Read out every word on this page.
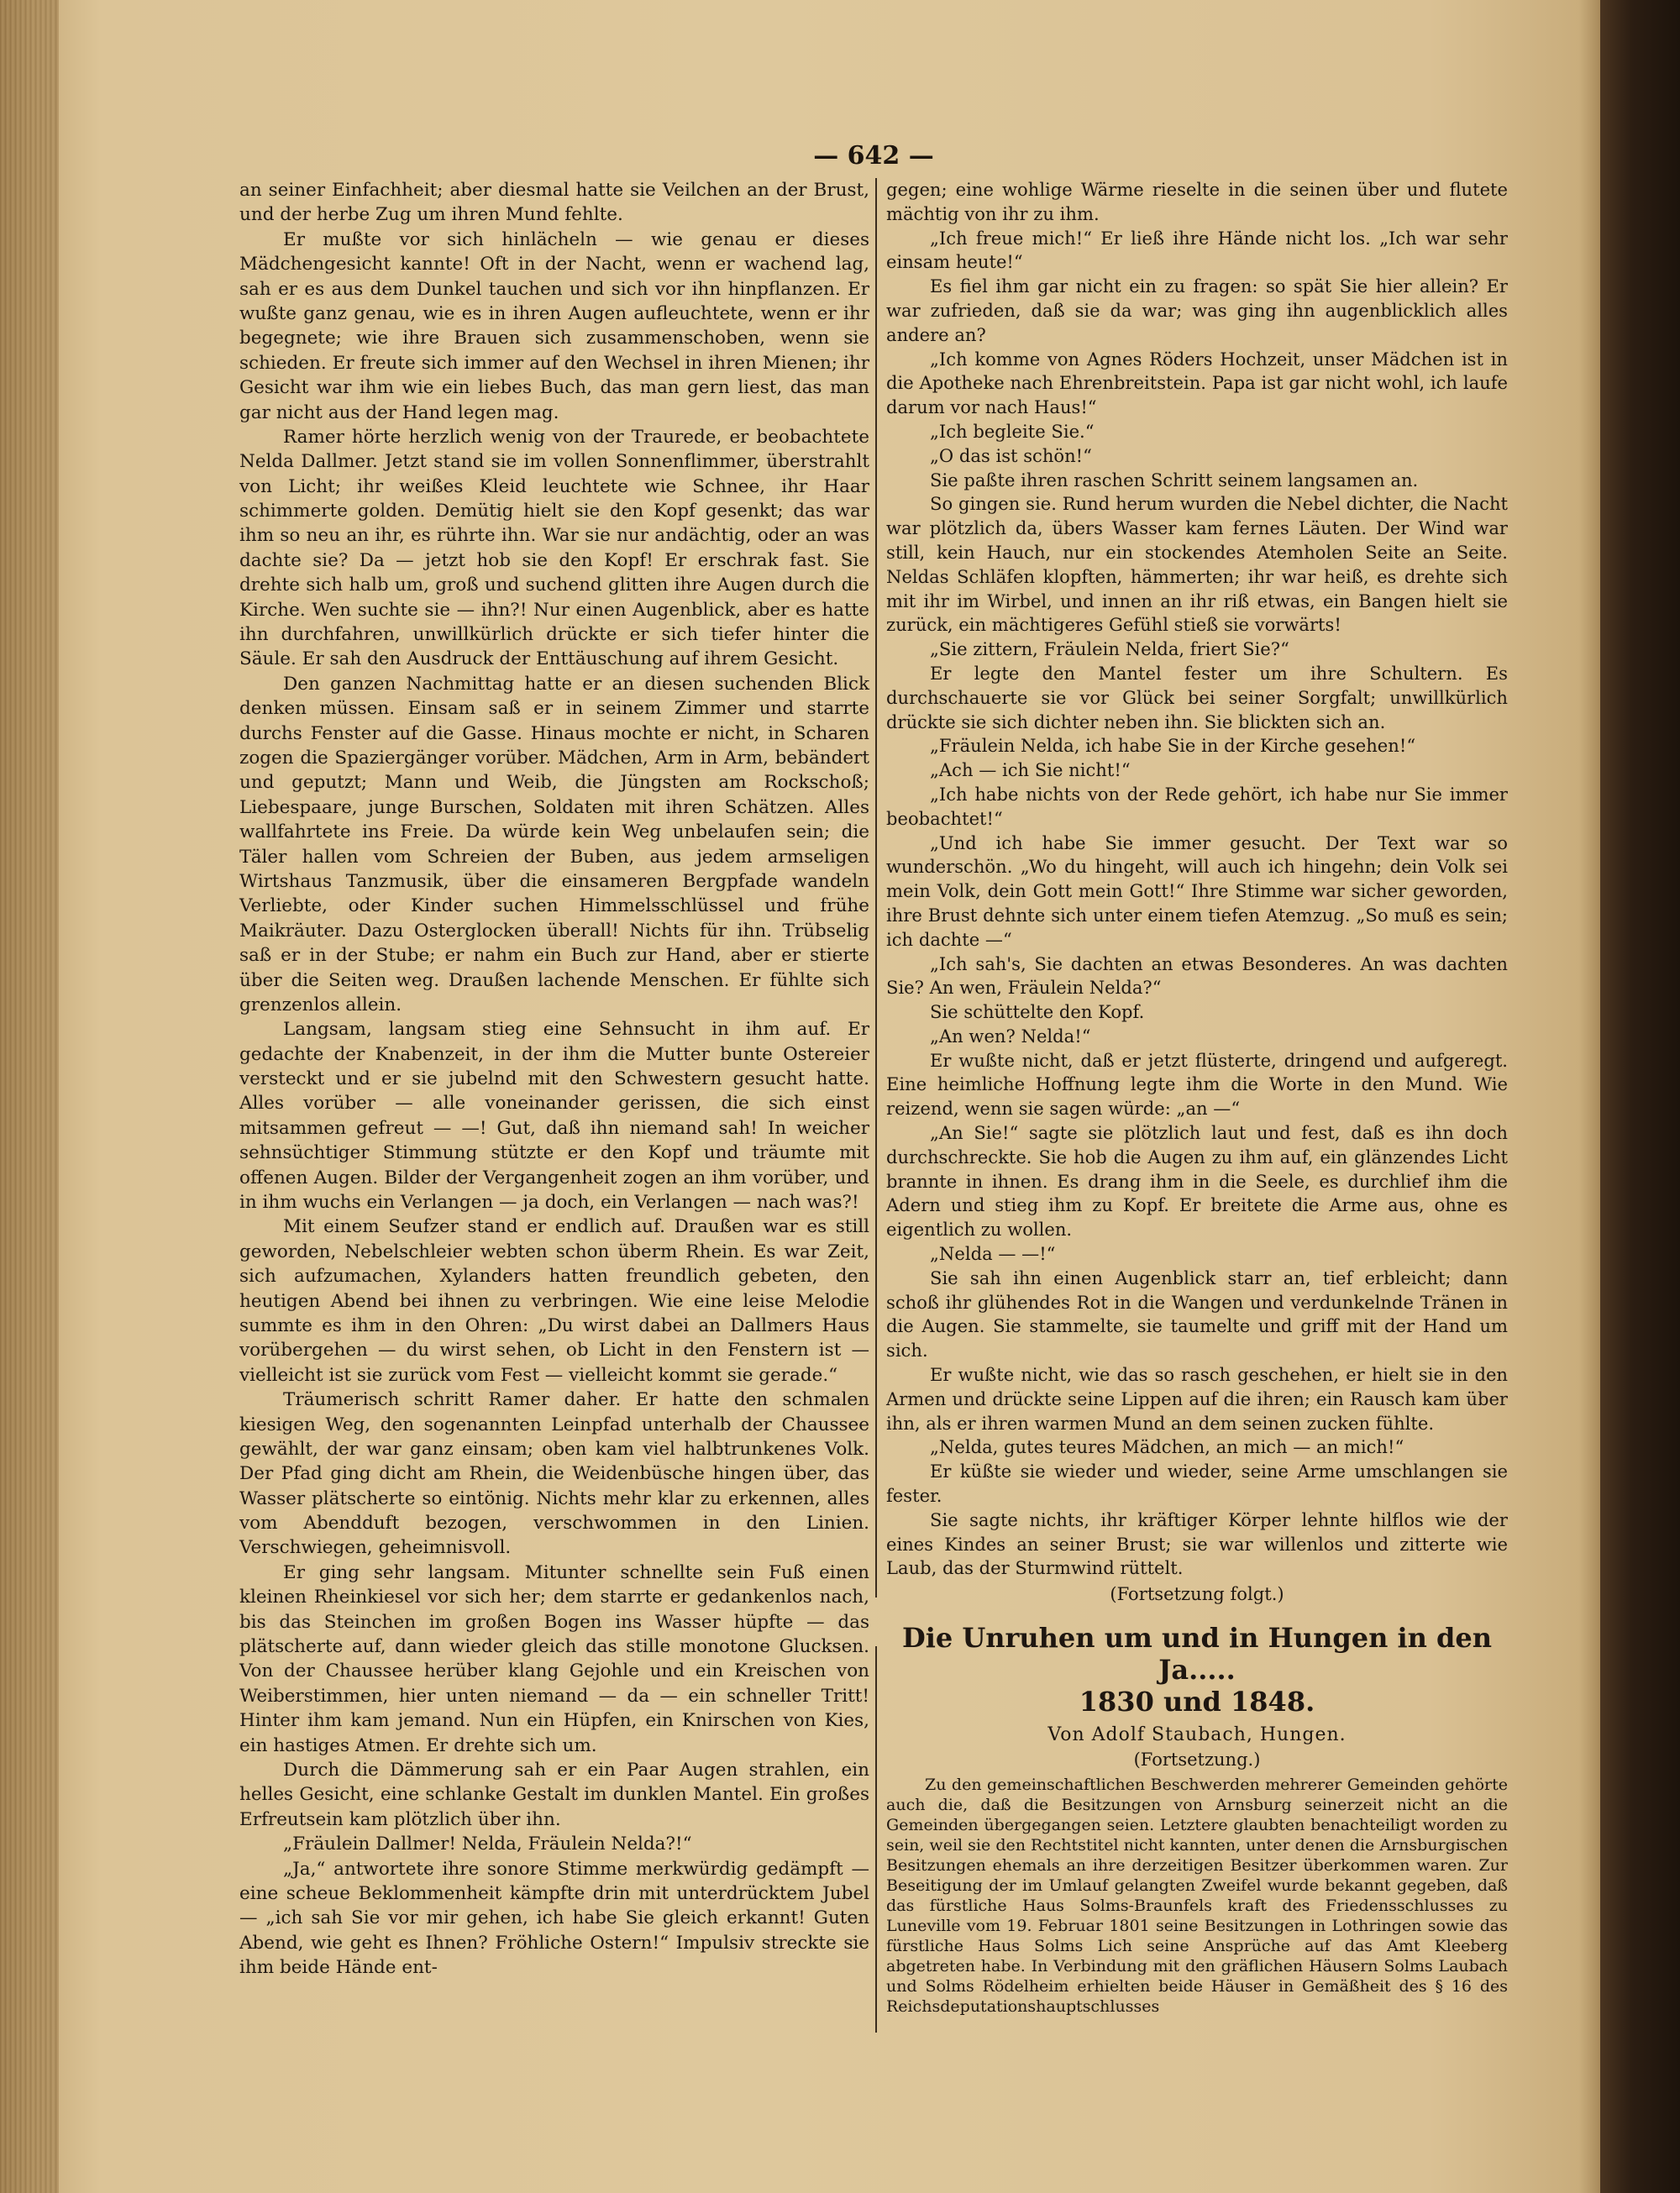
— 642 —

an seiner Einfachheit; aber diesmal hatte sie Veilchen an der Brust, und der herbe Zug um ihren Mund fehlte.

Er mußte vor sich hinlächeln — wie genau er dieses Mädchengesicht kannte! Oft in der Nacht, wenn er wachend lag, sah er es aus dem Dunkel tauchen und sich vor ihn hinpflanzen. Er wußte ganz genau, wie es in ihren Augen aufleuchtete, wenn er ihr begegnete; wie ihre Brauen sich zusammenschoben, wenn sie schieden. Er freute sich immer auf den Wechsel in ihren Mienen; ihr Gesicht war ihm wie ein liebes Buch, das man gern liest, das man gar nicht aus der Hand legen mag.

Ramer hörte herzlich wenig von der Traurede, er beobachtete Nelda Dallmer. Jetzt stand sie im vollen Sonnenflimmer, überstrahlt von Licht; ihr weißes Kleid leuchtete wie Schnee, ihr Haar schimmerte golden. Demütig hielt sie den Kopf gesenkt; das war ihm so neu an ihr, es rührte ihn. War sie nur andächtig, oder an was dachte sie? Da — jetzt hob sie den Kopf! Er erschrak fast. Sie drehte sich halb um, groß und suchend glitten ihre Augen durch die Kirche. Wen suchte sie — ihn?! Nur einen Augenblick, aber es hatte ihn durchfahren, unwillkürlich drückte er sich tiefer hinter die Säule. Er sah den Ausdruck der Enttäuschung auf ihrem Gesicht.

Den ganzen Nachmittag hatte er an diesen suchenden Blick denken müssen. Einsam saß er in seinem Zimmer und starrte durchs Fenster auf die Gasse. Hinaus mochte er nicht, in Scharen zogen die Spaziergänger vorüber. Mädchen, Arm in Arm, bebändert und geputzt; Mann und Weib, die Jüngsten am Rockschoß; Liebespaare, junge Burschen, Soldaten mit ihren Schätzen. Alles wallfahrtete ins Freie. Da würde kein Weg unbelaufen sein; die Täler hallen vom Schreien der Buben, aus jedem armseligen Wirtshaus Tanzmusik, über die einsameren Bergpfade wandeln Verliebte, oder Kinder suchen Himmelsschlüssel und frühe Maikräuter. Dazu Osterglocken überall! Nichts für ihn. Trübselig saß er in der Stube; er nahm ein Buch zur Hand, aber er stierte über die Seiten weg. Draußen lachende Menschen. Er fühlte sich grenzenlos allein.

Langsam, langsam stieg eine Sehnsucht in ihm auf. Er gedachte der Knabenzeit, in der ihm die Mutter bunte Ostereier versteckt und er sie jubelnd mit den Schwestern gesucht hatte. Alles vorüber — alle voneinander gerissen, die sich einst mitsammen gefreut — —! Gut, daß ihn niemand sah! In weicher sehnsüchtiger Stimmung stützte er den Kopf und träumte mit offenen Augen. Bilder der Vergangenheit zogen an ihm vorüber, und in ihm wuchs ein Verlangen — ja doch, ein Verlangen — nach was?!

Mit einem Seufzer stand er endlich auf. Draußen war es still geworden, Nebelschleier webten schon überm Rhein. Es war Zeit, sich aufzumachen, Xylanders hatten freundlich gebeten, den heutigen Abend bei ihnen zu verbringen. Wie eine leise Melodie summte es ihm in den Ohren: „Du wirst dabei an Dallmers Haus vorübergehen — du wirst sehen, ob Licht in den Fenstern ist — vielleicht ist sie zurück vom Fest — vielleicht kommt sie gerade.“

Träumerisch schritt Ramer daher. Er hatte den schmalen kiesigen Weg, den sogenannten Leinpfad unterhalb der Chaussee gewählt, der war ganz einsam; oben kam viel halbtrunkenes Volk. Der Pfad ging dicht am Rhein, die Weidenbüsche hingen über, das Wasser plätscherte so eintönig. Nichts mehr klar zu erkennen, alles vom Abendduft bezogen, verschwommen in den Linien. Verschwiegen, geheimnisvoll.

Er ging sehr langsam. Mitunter schnellte sein Fuß einen kleinen Rheinkiesel vor sich her; dem starrte er gedankenlos nach, bis das Steinchen im großen Bogen ins Wasser hüpfte — das plätscherte auf, dann wieder gleich das stille monotone Glucksen. Von der Chaussee herüber klang Gejohle und ein Kreischen von Weiberstimmen, hier unten niemand — da — ein schneller Tritt! Hinter ihm kam jemand. Nun ein Hüpfen, ein Knirschen von Kies, ein hastiges Atmen. Er drehte sich um.

Durch die Dämmerung sah er ein Paar Augen strahlen, ein helles Gesicht, eine schlanke Gestalt im dunklen Mantel. Ein großes Erfreutsein kam plötzlich über ihn.

„Fräulein Dallmer! Nelda, Fräulein Nelda?!“

„Ja,“ antwortete ihre sonore Stimme merkwürdig gedämpft — eine scheue Beklommenheit kämpfte drin mit unterdrücktem Jubel — „ich sah Sie vor mir gehen, ich habe Sie gleich erkannt! Guten Abend, wie geht es Ihnen? Fröhliche Ostern!“ Impulsiv streckte sie ihm beide Hände ent-

gegen; eine wohlige Wärme rieselte in die seinen über und flutete mächtig von ihr zu ihm.

„Ich freue mich!“ Er ließ ihre Hände nicht los. „Ich war sehr einsam heute!“

Es fiel ihm gar nicht ein zu fragen: so spät Sie hier allein? Er war zufrieden, daß sie da war; was ging ihn augenblicklich alles andere an?

„Ich komme von Agnes Röders Hochzeit, unser Mädchen ist in die Apotheke nach Ehrenbreitstein. Papa ist gar nicht wohl, ich laufe darum vor nach Haus!“

„Ich begleite Sie.“

„O das ist schön!“

Sie paßte ihren raschen Schritt seinem langsamen an.

So gingen sie. Rund herum wurden die Nebel dichter, die Nacht war plötzlich da, übers Wasser kam fernes Läuten. Der Wind war still, kein Hauch, nur ein stockendes Atemholen Seite an Seite. Neldas Schläfen klopften, hämmerten; ihr war heiß, es drehte sich mit ihr im Wirbel, und innen an ihr riß etwas, ein Bangen hielt sie zurück, ein mächtigeres Gefühl stieß sie vorwärts!

„Sie zittern, Fräulein Nelda, friert Sie?“

Er legte den Mantel fester um ihre Schultern. Es durchschauerte sie vor Glück bei seiner Sorgfalt; unwillkürlich drückte sie sich dichter neben ihn. Sie blickten sich an.

„Fräulein Nelda, ich habe Sie in der Kirche gesehen!“

„Ach — ich Sie nicht!“

„Ich habe nichts von der Rede gehört, ich habe nur Sie immer beobachtet!“

„Und ich habe Sie immer gesucht. Der Text war so wunderschön. „Wo du hingeht, will auch ich hingehn; dein Volk sei mein Volk, dein Gott mein Gott!“ Ihre Stimme war sicher geworden, ihre Brust dehnte sich unter einem tiefen Atemzug. „So muß es sein; ich dachte —“

„Ich sah's, Sie dachten an etwas Besonderes. An was dachten Sie? An wen, Fräulein Nelda?“

Sie schüttelte den Kopf.

„An wen? Nelda!“

Er wußte nicht, daß er jetzt flüsterte, dringend und aufgeregt. Eine heimliche Hoffnung legte ihm die Worte in den Mund. Wie reizend, wenn sie sagen würde: „an —“

„An Sie!“ sagte sie plötzlich laut und fest, daß es ihn doch durchschreckte. Sie hob die Augen zu ihm auf, ein glänzendes Licht brannte in ihnen. Es drang ihm in die Seele, es durchlief ihm die Adern und stieg ihm zu Kopf. Er breitete die Arme aus, ohne es eigentlich zu wollen.

„Nelda — —!“

Sie sah ihn einen Augenblick starr an, tief erbleicht; dann schoß ihr glühendes Rot in die Wangen und verdunkelnde Tränen in die Augen. Sie stammelte, sie taumelte und griff mit der Hand um sich.

Er wußte nicht, wie das so rasch geschehen, er hielt sie in den Armen und drückte seine Lippen auf die ihren; ein Rausch kam über ihn, als er ihren warmen Mund an dem seinen zucken fühlte.

„Nelda, gutes teures Mädchen, an mich — an mich!“

Er küßte sie wieder und wieder, seine Arme umschlangen sie fester.

Sie sagte nichts, ihr kräftiger Körper lehnte hilflos wie der eines Kindes an seiner Brust; sie war willenlos und zitterte wie Laub, das der Sturmwind rüttelt.

(Fortsetzung folgt.)

Die Unruhen um und in Hungen in den Ja.....

1830 und 1848.

Von Adolf Staubach, Hungen.

(Fortsetzung.)

Zu den gemeinschaftlichen Beschwerden mehrerer Gemeinden gehörte auch die, daß die Besitzungen von Arnsburg seinerzeit nicht an die Gemeinden übergegangen seien. Letztere glaubten benachteiligt worden zu sein, weil sie den Rechtstitel nicht kannten, unter denen die Arnsburgischen Besitzungen ehemals an ihre derzeitigen Besitzer überkommen waren. Zur Beseitigung der im Umlauf gelangten Zweifel wurde bekannt gegeben, daß das fürstliche Haus Solms-Braunfels kraft des Friedensschlusses zu Luneville vom 19. Februar 1801 seine Besitzungen in Lothringen sowie das fürstliche Haus Solms Lich seine Ansprüche auf das Amt Kleeberg abgetreten habe. In Verbindung mit den gräflichen Häusern Solms Laubach und Solms Rödelheim erhielten beide Häuser in Gemäßheit des § 16 des Reichsdeputationshauptschlusses
